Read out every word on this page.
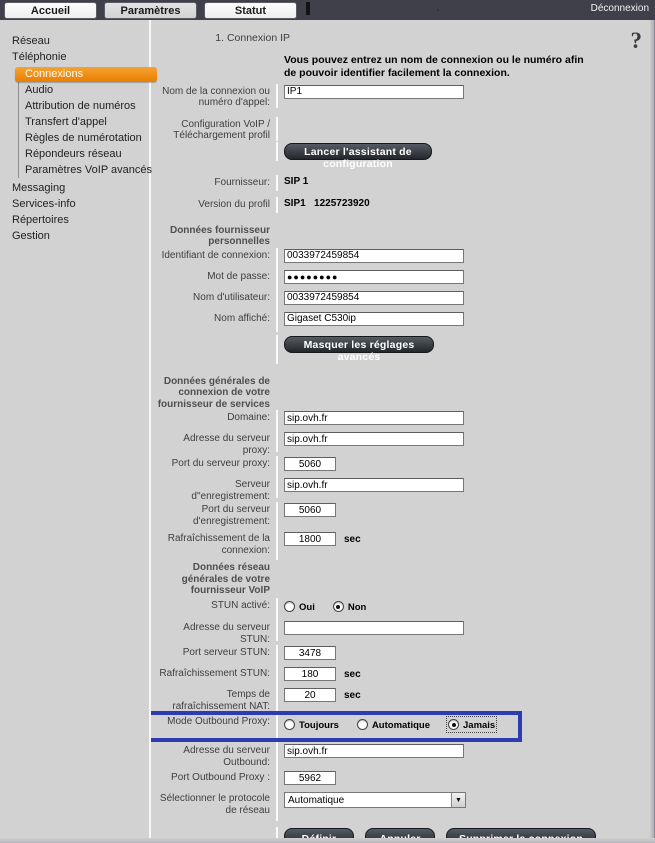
Accueil	Paramètres	Statut	Déconnexion
Réseau
Téléphonie
Connexions
Audio
Attribution de numéros
Transfert d'appel
Règles de numérotation
Répondeurs réseau
Paramètres VoIP avancés
Messaging
Services-info
Répertoires
Gestion
?
1. Connexion IP
Vous pouvez entrez un nom de connexion ou le numéro afin de pouvoir identifier facilement la connexion.
Nom de la connexion ou numéro d'appel:
IP1
Configuration VoIP / Téléchargement profil
Lancer l'assistant de configuration
Fournisseur:	SIP 1
Version du profil	SIP1   1225723920
Données fournisseur personnelles
Identifiant de connexion:
0033972459854
Mot de passe:
●●●●●●●●
Nom d'utilisateur:
0033972459854
Nom affiché:
Gigaset C530ip
Masquer les réglages avancés
Données générales de connexion de votre fournisseur de services
Domaine:
sip.ovh.fr
Adresse du serveur proxy:
sip.ovh.fr
Port du serveur proxy:
5060
Serveur d"enregistrement:
sip.ovh.fr
Port du serveur d'enregistrement:
5060
Rafraîchissement de la connexion:
1800
sec
Données réseau générales de votre fournisseur VoIP
STUN activé:	Oui	Non
Adresse du serveur STUN:
Port serveur STUN:
3478
Rafraîchissement STUN:
180	sec
Temps de rafraîchissement NAT:
20
sec
Mode Outbound Proxy:	Toujours	Automatique	Jamais
Adresse du serveur Outbound:
sip.ovh.fr
Port Outbound Proxy :
5962
Sélectionner le protocole de réseau
Automatique	▼
